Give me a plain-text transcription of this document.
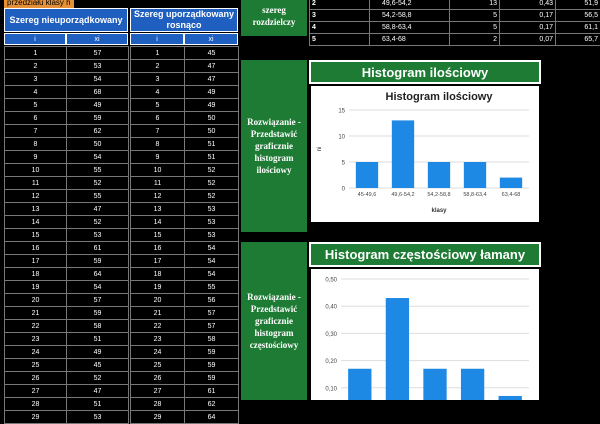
przedziału klasy h
Szereg nieuporządkowany
Szereg uporządkowany rosnąco
i	xi	i	xi
1	57		1	45
2	53		2	47
3	54		3	47
4	68		4	49
5	49		5	49
6	59		6	50
7	62		7	50
8	50		8	51
9	54		9	51
10	55		10	52
11	52		11	52
12	55		12	52
13	47		13	53
14	52		14	53
15	53		15	53
16	61		16	54
17	59		17	54
18	64		18	54
19	54		19	55
20	57		20	56
21	59		21	57
22	58		22	57
23	51		23	58
24	49		24	59
25	45		25	59
26	52		26	59
27	47		27	61
28	51		28	62
29	53		29	64
szereg rozdzielczy
2	49,6-54,2	13	0,43	51,9
3	54,2-58,8	5	0,17	56,5
4	58,8-63,4	5	0,17	61,1
5	63,4-68	2	0,07	65,7
Rozwiązanie - Przedstawić graficznie histogram ilościowy
Histogram ilościowy
Histogram ilościowy
0
5
10
15
45-49,6	49,6-54,2 54,2-58,8 58,8-63,4	63,4-68
klasy
ni
Rozwiązanie - Przedstawić graficznie histogram częstościowy
Histogram częstościowy łamany
0,10
0,20
0,30
0,40
0,50
